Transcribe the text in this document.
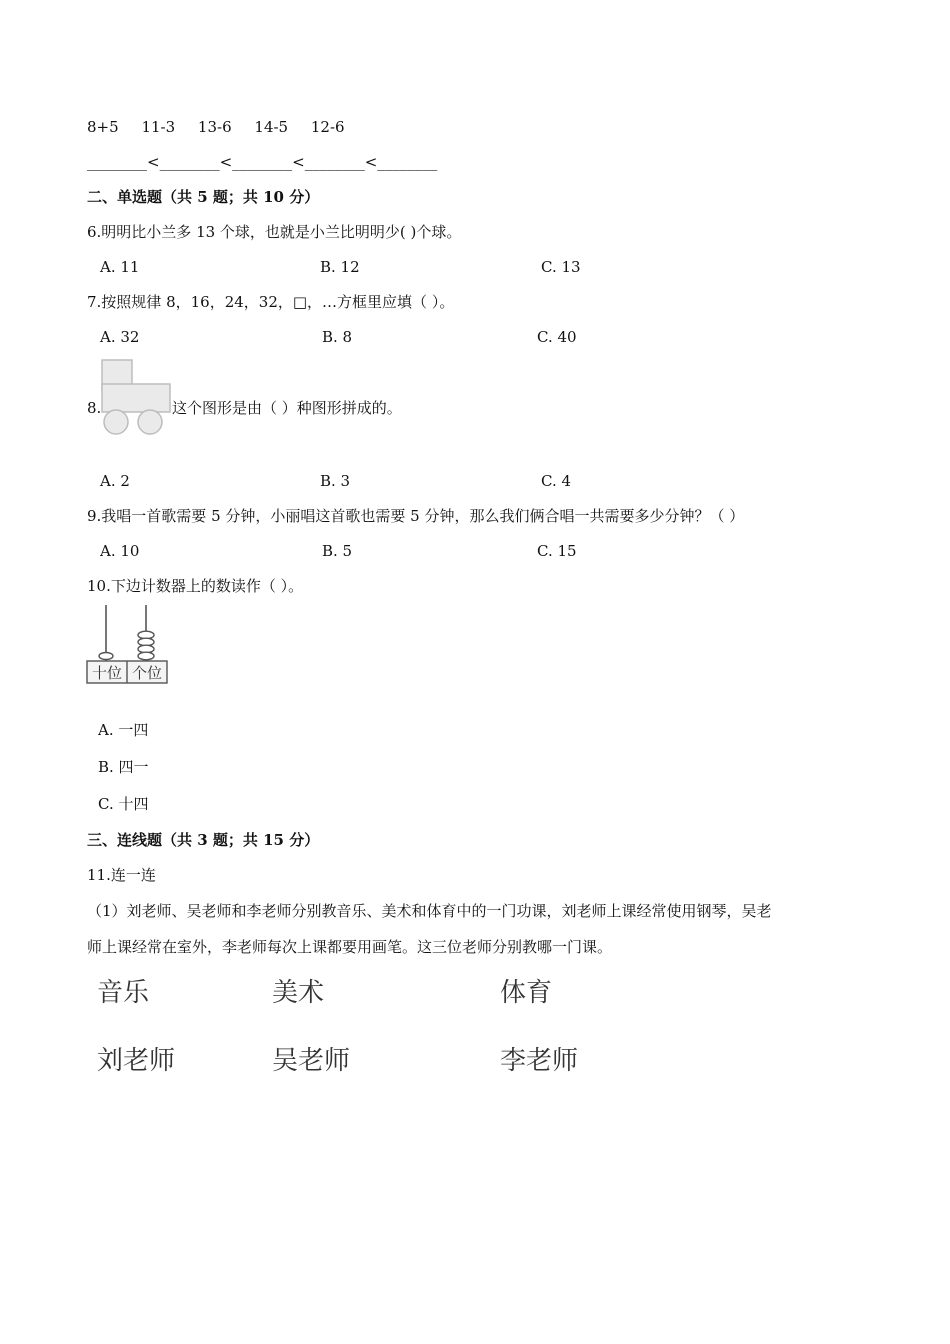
8+5 11-3 13-6 14-5 12-6
________<________<________<________<________
二、单选题（共 5 题；共 10 分）
6.明明比小兰多 13 个球，也就是小兰比明明少( )个球。
A. 11	B. 12	C. 13
7.按照规律 8，16，24，32，□，…方框里应填（ ）。
A. 32	B. 8	C. 40
8.	这个图形是由（ ）种图形拼成的。
A. 2	B. 3	C. 4
9.我唱一首歌需要 5 分钟，小丽唱这首歌也需要 5 分钟，那么我们俩合唱一共需要多少分钟？（ ）
A. 10	B. 5	C. 15
10.下边计数器上的数读作（ ）。
十位 个位
A. 一四
B. 四一
C. 十四
三、连线题（共 3 题；共 15 分）
11.连一连
（1）刘老师、吴老师和李老师分别教音乐、美术和体育中的一门功课，刘老师上课经常使用钢琴，吴老
师上课经常在室外，李老师每次上课都要用画笔。这三位老师分别教哪一门课。
音乐	美术	体育
刘老师	吴老师	李老师
